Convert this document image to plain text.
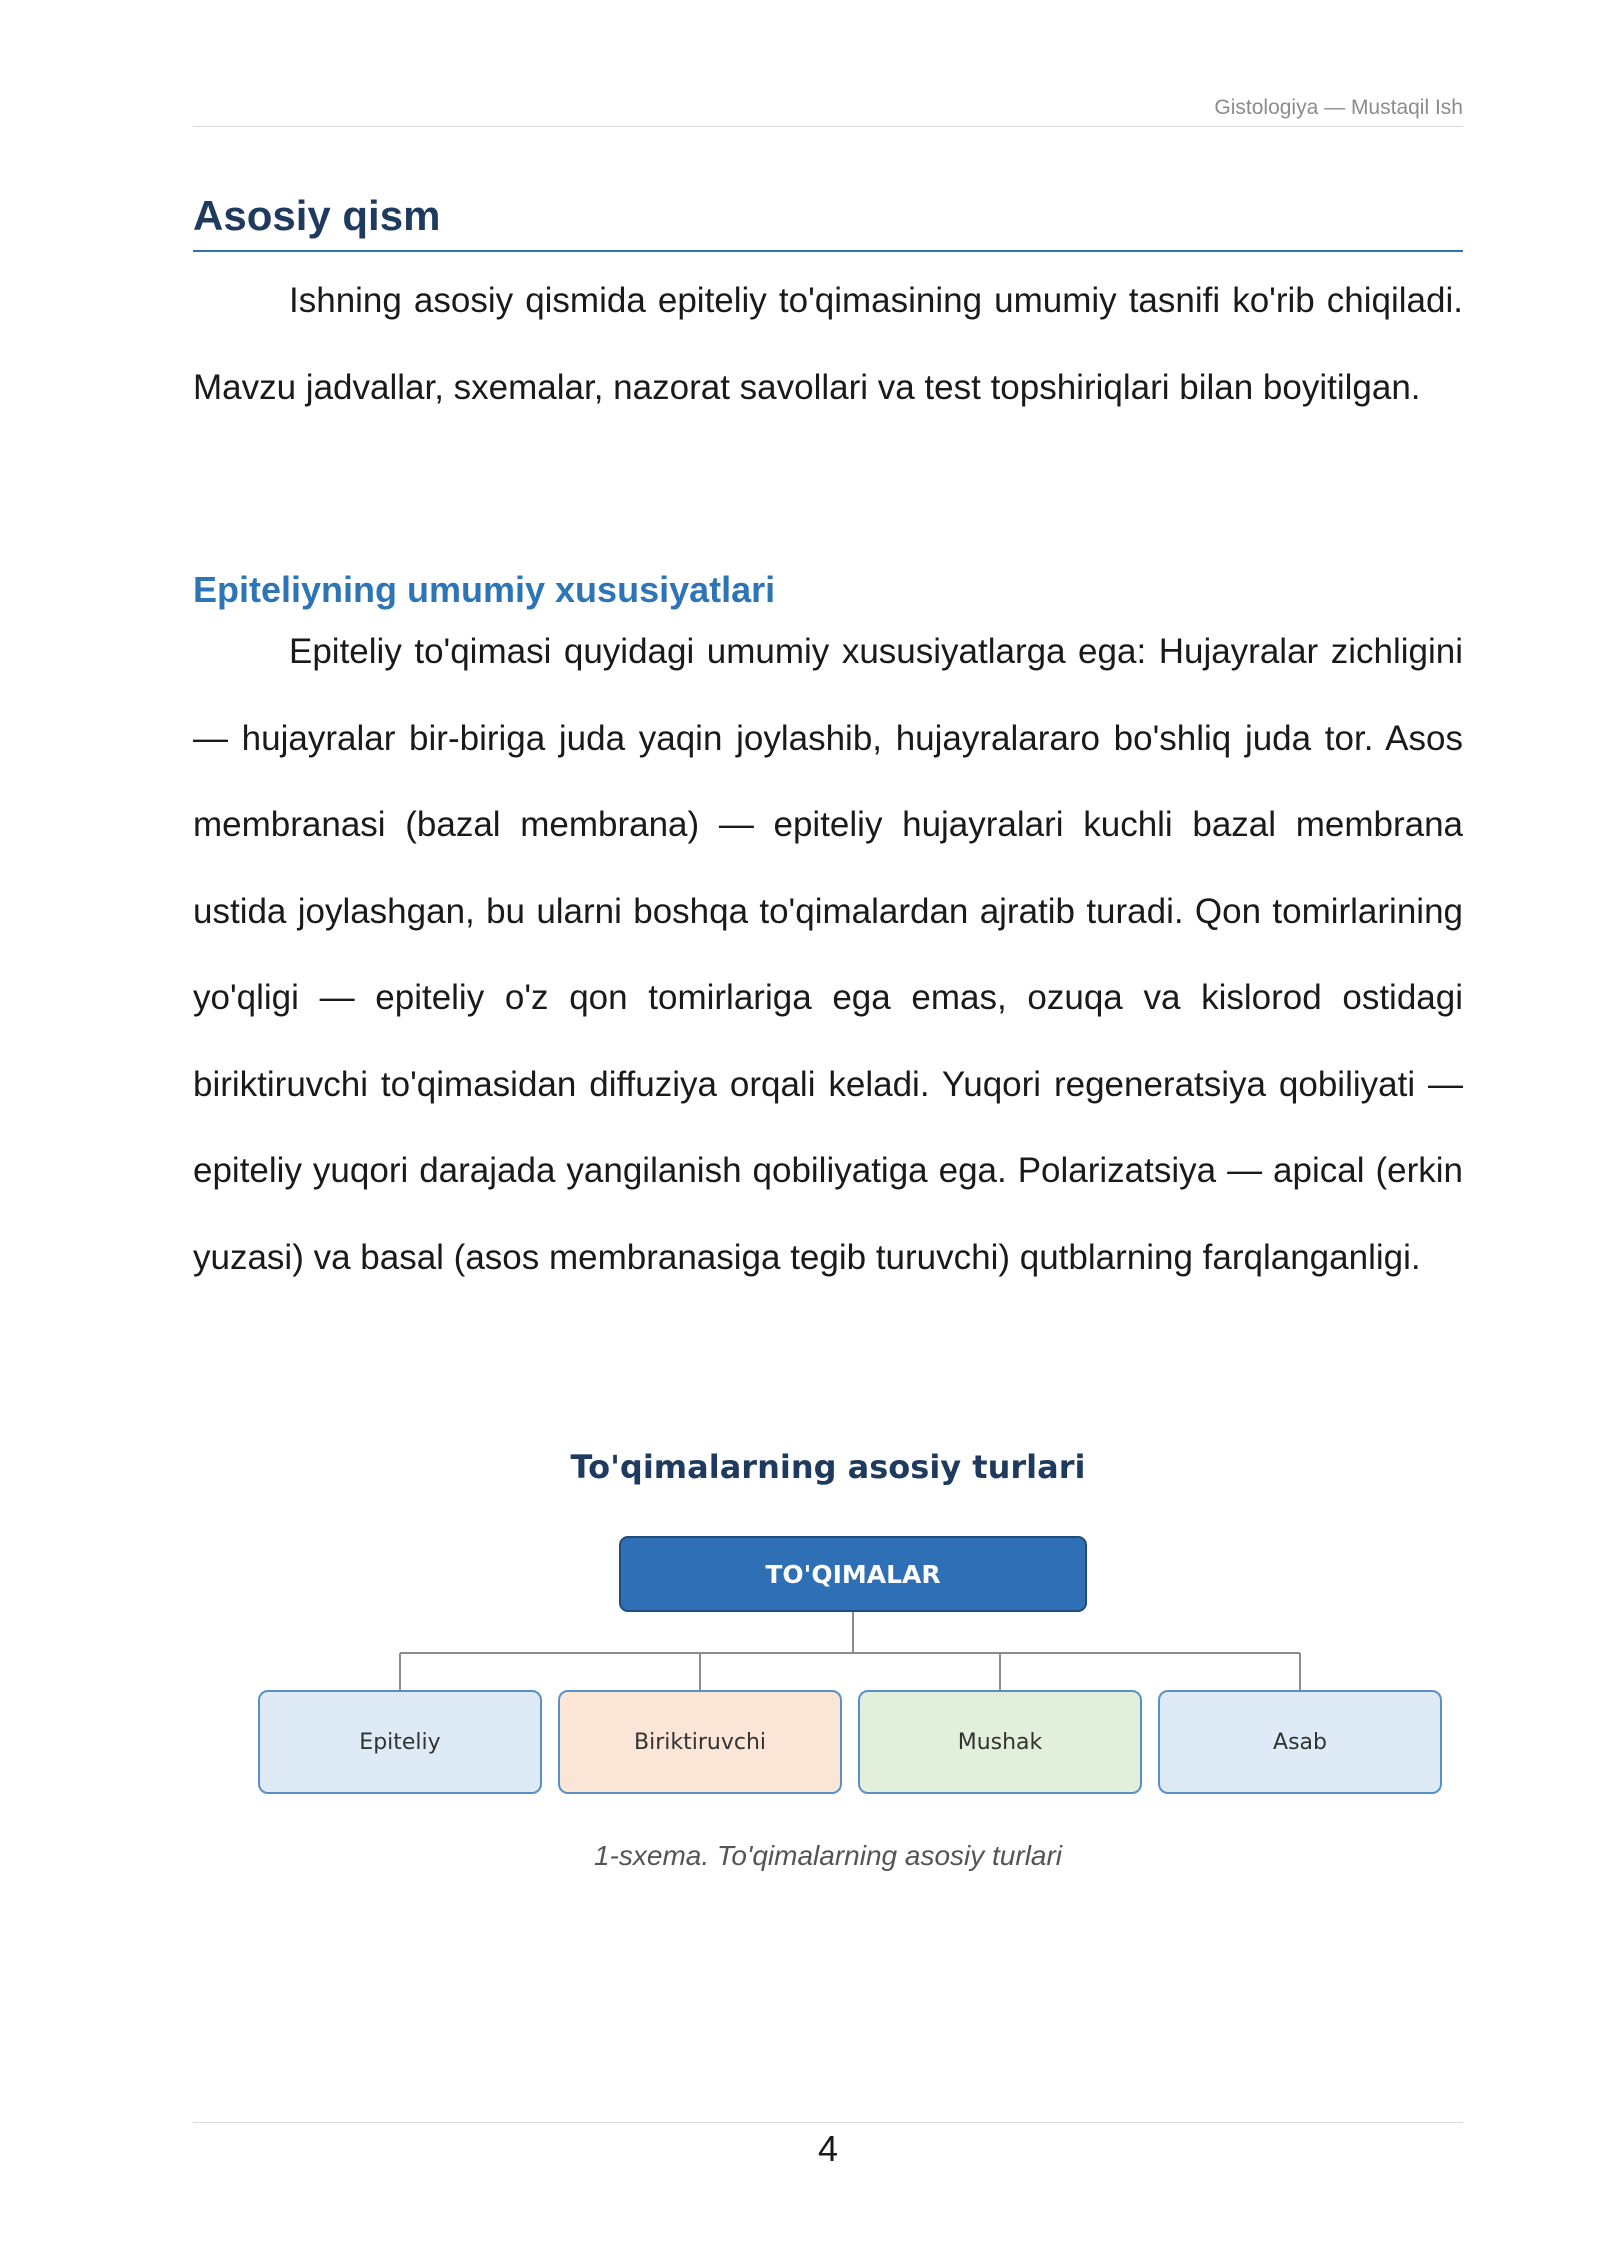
Gistologiya — Mustaqil Ish
Asosiy qism
Ishning asosiy qismida epiteliy to'qimasining umumiy tasnifi ko'rib chiqiladi. Mavzu jadvallar, sxemalar, nazorat savollari va test topshiriqlari bilan boyitilgan.
Epiteliyning umumiy xususiyatlari
Epiteliy to'qimasi quyidagi umumiy xususiyatlarga ega: Hujayralar zichligini — hujayralar bir-biriga juda yaqin joylashib, hujayralararo bo'shliq juda tor. Asos membranasi (bazal membrana) — epiteliy hujayralari kuchli bazal membrana ustida joylashgan, bu ularni boshqa to'qimalardan ajratib turadi. Qon tomirlarining yo'qligi — epiteliy o'z qon tomirlariga ega emas, ozuqa va kislorod ostidagi biriktiruvchi to'qimasidan diffuziya orqali keladi. Yuqori regeneratsiya qobiliyati — epiteliy yuqori darajada yangilanish qobiliyatiga ega. Polarizatsiya — apical (erkin yuzasi) va basal (asos membranasiga tegib turuvchi) qutblarning farqlanganligi.
To'qimalarning asosiy turlari
TO'QIMALAR
Epiteliy	Biriktiruvchi	Mushak	Asab
1-sxema. To'qimalarning asosiy turlari
4
